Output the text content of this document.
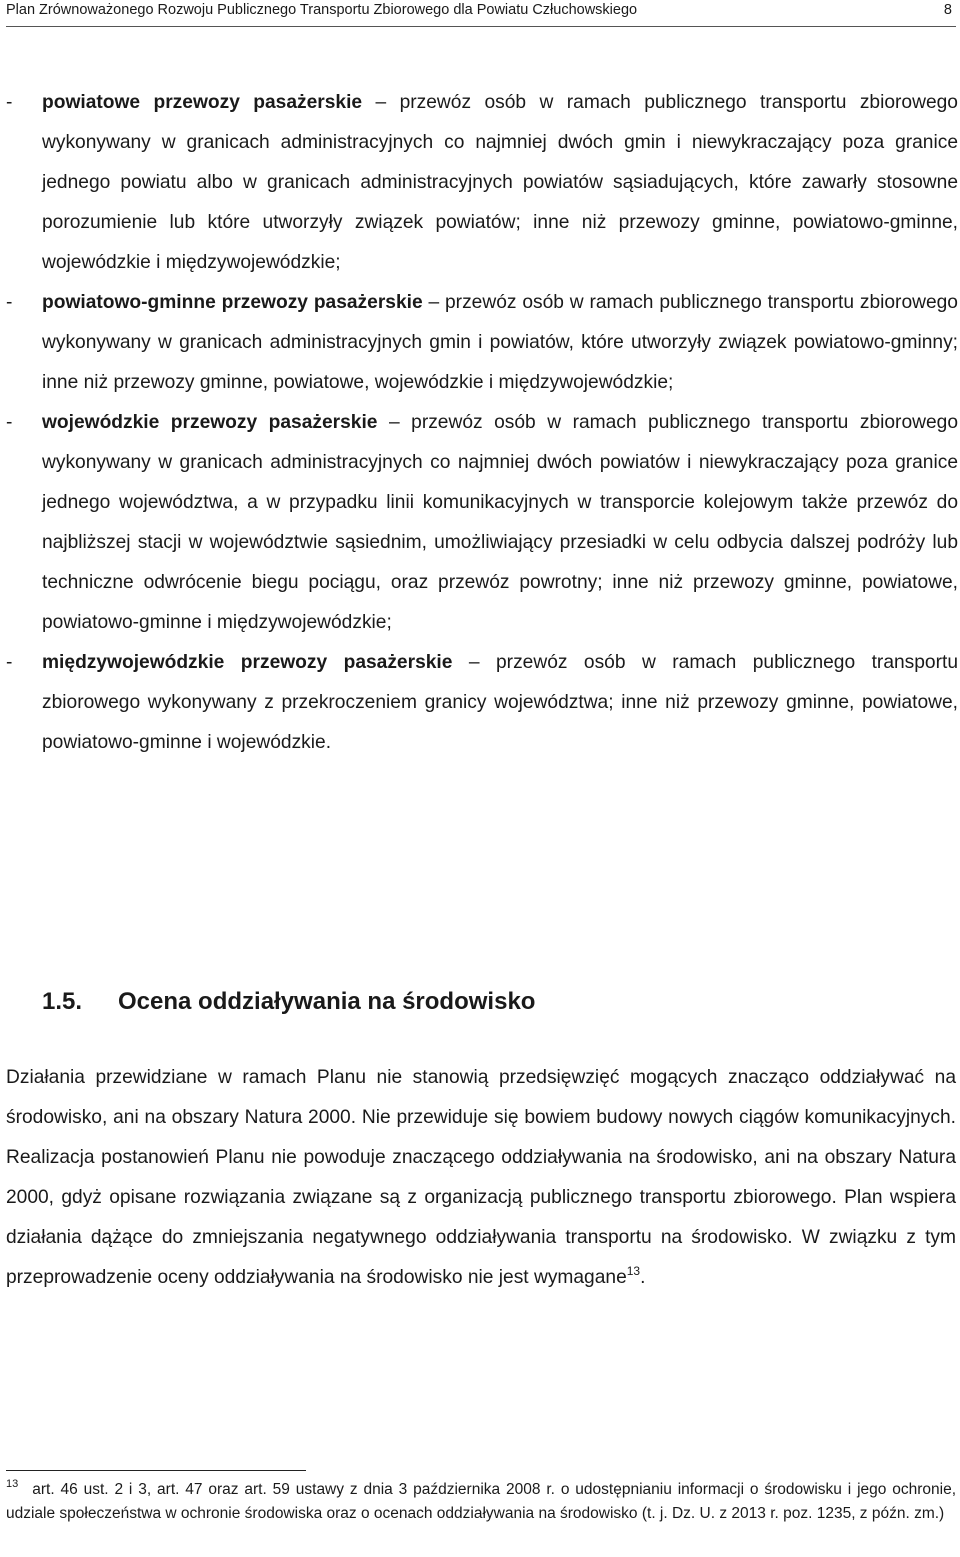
Plan Zrównoważonego Rozwoju Publicznego Transportu Zbiorowego dla Powiatu Człuchowskiego	8
- powiatowe przewozy pasażerskie – przewóz osób w ramach publicznego transportu zbiorowego wykonywany w granicach administracyjnych co najmniej dwóch gmin i niewykraczający poza granice jednego powiatu albo w granicach administracyjnych powiatów sąsiadujących, które zawarły stosowne porozumienie lub które utworzyły związek powiatów; inne niż przewozy gminne, powiatowo-gminne, wojewódzkie i międzywojewódzkie;
- powiatowo-gminne przewozy pasażerskie – przewóz osób w ramach publicznego transportu zbiorowego wykonywany w granicach administracyjnych gmin i powiatów, które utworzyły związek powiatowo-gminny; inne niż przewozy gminne, powiatowe, wojewódzkie i międzywojewódzkie;
- wojewódzkie przewozy pasażerskie – przewóz osób w ramach publicznego transportu zbiorowego wykonywany w granicach administracyjnych co najmniej dwóch powiatów i niewykraczający poza granice jednego województwa, a w przypadku linii komunikacyjnych w transporcie kolejowym także przewóz do najbliższej stacji w województwie sąsiednim, umożliwiający przesiadki w celu odbycia dalszej podróży lub techniczne odwrócenie biegu pociągu, oraz przewóz powrotny; inne niż przewozy gminne, powiatowe, powiatowo-gminne i międzywojewódzkie;
- międzywojewódzkie przewozy pasażerskie – przewóz osób w ramach publicznego transportu zbiorowego wykonywany z przekroczeniem granicy województwa; inne niż przewozy gminne, powiatowe, powiatowo-gminne i wojewódzkie.
1.5. Ocena oddziaływania na środowisko
Działania przewidziane w ramach Planu nie stanowią przedsięwzięć mogących znacząco oddziaływać na środowisko, ani na obszary Natura 2000. Nie przewiduje się bowiem budowy nowych ciągów komunikacyjnych. Realizacja postanowień Planu nie powoduje znaczącego oddziaływania na środowisko, ani na obszary Natura 2000, gdyż opisane rozwiązania związane są z organizacją publicznego transportu zbiorowego. Plan wspiera działania dążące do zmniejszania negatywnego oddziaływania transportu na środowisko. W związku z tym przeprowadzenie oceny oddziaływania na środowisko nie jest wymagane$^{13}$.
$^{13}$ art. 46 ust. 2 i 3, art. 47 oraz art. 59 ustawy z dnia 3 października 2008 r. o udostępnianiu informacji o środowisku i jego ochronie, udziale społeczeństwa w ochronie środowiska oraz o ocenach oddziaływania na środowisko (t. j. Dz. U. z 2013 r. poz. 1235, z późn. zm.)
